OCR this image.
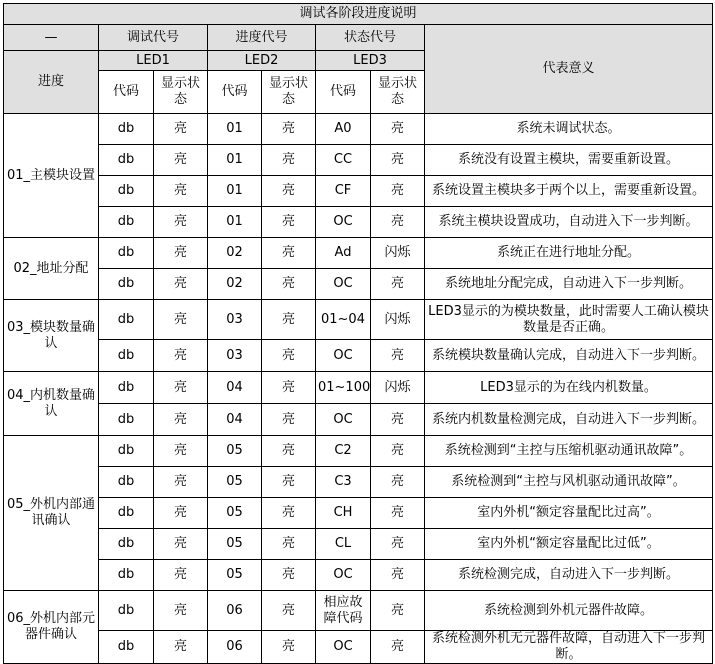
调试各阶段进度说明							
—	调试代号		进度代号		状态代号		代表意义
进度	LED1		LED2		LED3		
	代码	显示状态	代码	显示状态	代码	显示状态	
01_主模块设置	db	亮	01	亮	A0	亮	系统未调试状态。
	db	亮	01	亮	CC	亮	系统没有设置主模块，需要重新设置。
	db	亮	01	亮	CF	亮	系统设置主模块多于两个以上，需要重新设置。
	db	亮	01	亮	OC	亮	系统主模块设置成功，自动进入下一步判断。
02_地址分配	db	亮	02	亮	Ad	闪烁	系统正在进行地址分配。
	db	亮	02	亮	OC	亮	系统地址分配完成，自动进入下一步判断。
03_模块数量确认	db	亮	03	亮	01~04	闪烁	LED3显示的为模块数量，此时需要人工确认模块数量是否正确。
	db	亮	03	亮	OC	亮	系统模块数量确认完成，自动进入下一步判断。
04_内机数量确认	db	亮	04	亮	01~100	闪烁	LED3显示的为在线内机数量。
	db	亮	04	亮	OC	亮	系统内机数量检测完成，自动进入下一步判断。
05_外机内部通讯确认	db	亮	05	亮	C2	亮	系统检测到“主控与压缩机驱动通讯故障”。
	db	亮	05	亮	C3	亮	系统检测到“主控与风机驱动通讯故障”。
	db	亮	05	亮	CH	亮	室内外机“额定容量配比过高”。
	db	亮	05	亮	CL	亮	室内外机“额定容量配比过低”。
	db	亮	05	亮	OC	亮	系统检测完成，自动进入下一步判断。
06_外机内部元器件确认	db	亮	06	亮	相应故障代码	亮	系统检测到外机元器件故障。
	db	亮	06	亮	OC	亮	系统检测外机无元器件故障，自动进入下一步判断。
